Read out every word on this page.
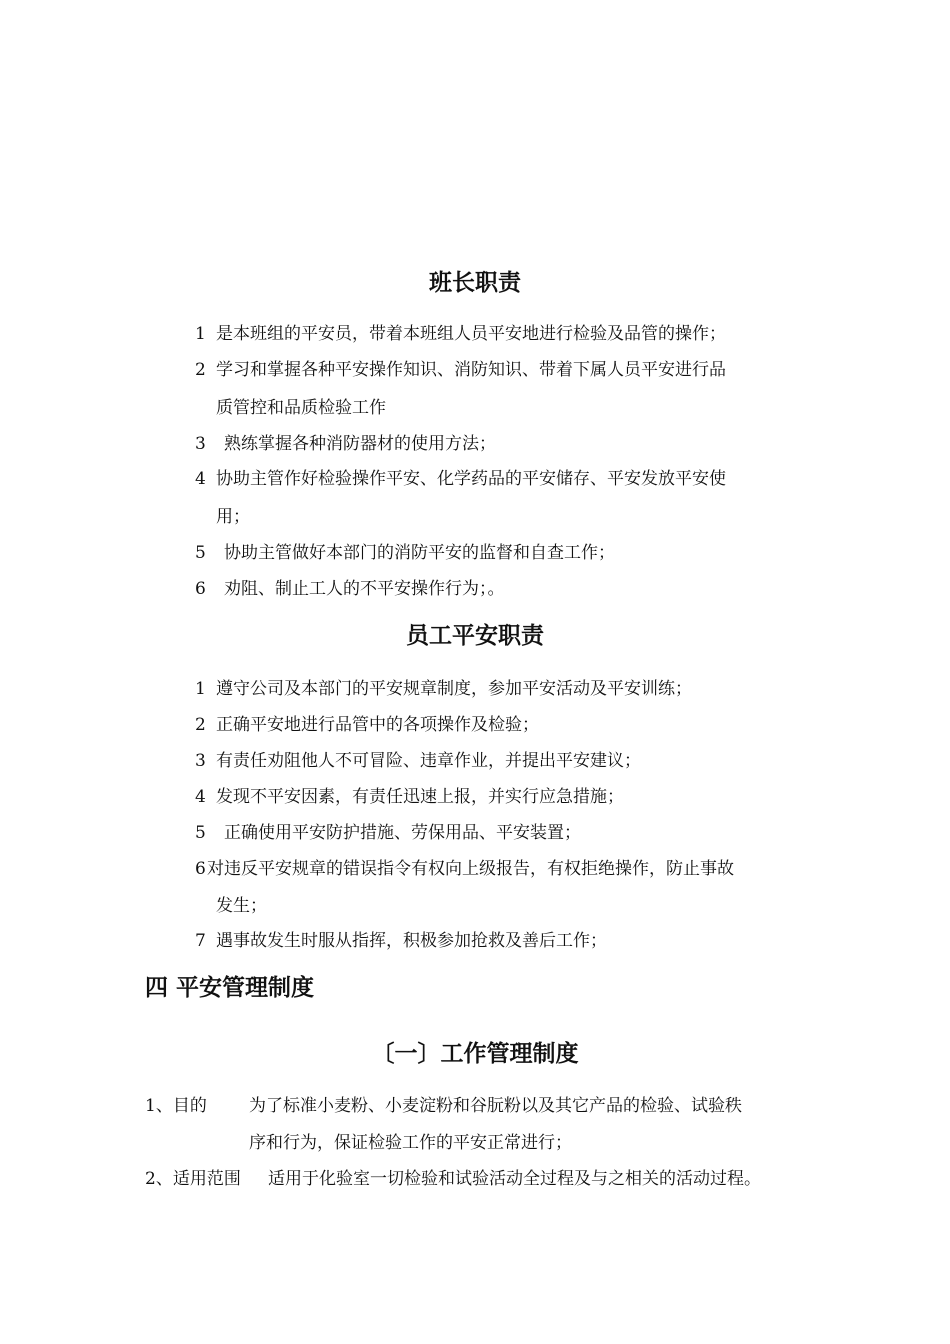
班长职责
1 是本班组的平安员，带着本班组人员平安地进行检验及品管的操作；
2 学习和掌握各种平安操作知识、消防知识、带着下属人员平安进行品
质管控和品质检验工作
3 熟练掌握各种消防器材的使用方法；
4 协助主管作好检验操作平安、化学药品的平安储存、平安发放平安使
用；
5 协助主管做好本部门的消防平安的监督和自查工作；
6 劝阻、制止工人的不平安操作行为；。
员工平安职责
1 遵守公司及本部门的平安规章制度，参加平安活动及平安训练；
2 正确平安地进行品管中的各项操作及检验；
3 有责任劝阻他人不可冒险、违章作业，并提出平安建议；
4 发现不平安因素，有责任迅速上报，并实行应急措施；
5 正确使用平安防护措施、劳保用品、平安装置；
6 对违反平安规章的错误指令有权向上级报告，有权拒绝操作，防止事故
发生；
7 遇事故发生时服从指挥，积极参加抢救及善后工作；
四 平安管理制度
〔一〕工作管理制度
1、目的 为了标准小麦粉、小麦淀粉和谷朊粉以及其它产品的检验、试验秩
序和行为，保证检验工作的平安正常进行；
2、适用范围 适用于化验室一切检验和试验活动全过程及与之相关的活动过程。
